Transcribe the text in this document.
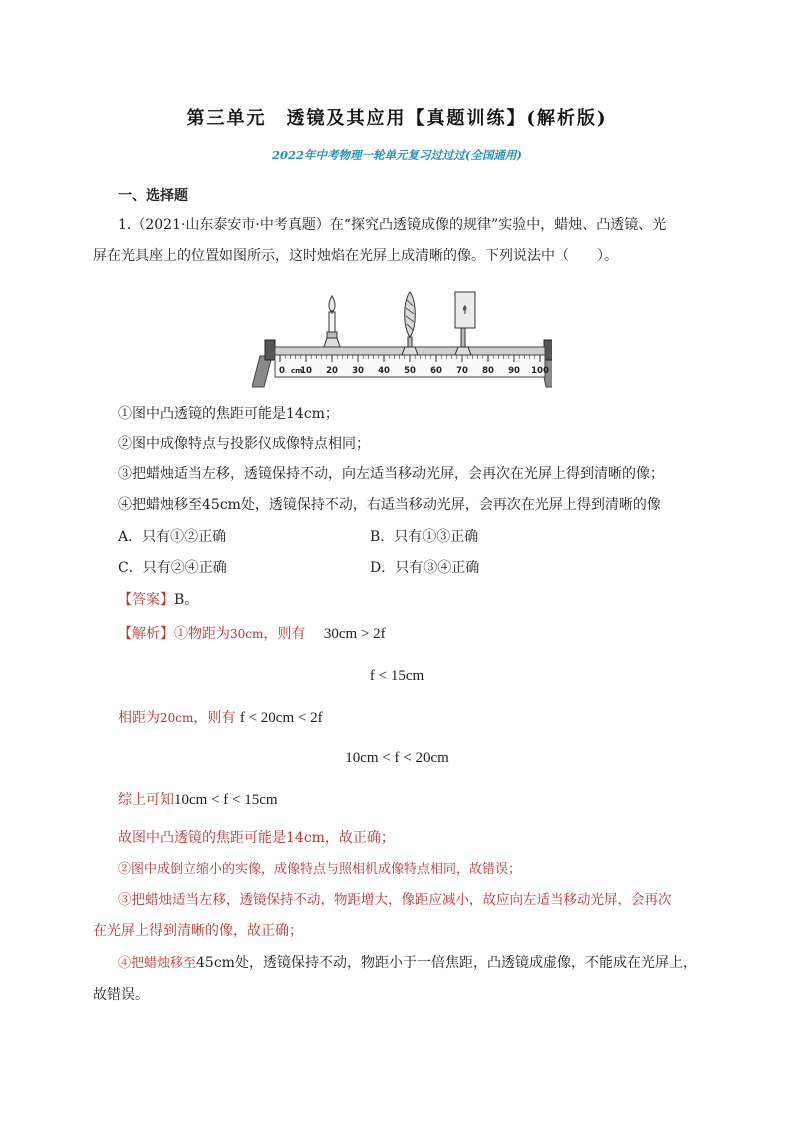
第三单元　透镜及其应用【真题训练】(解析版)
2022年中考物理一轮单元复习过过过(全国通用)
一、选择题
1.（2021·山东泰安市·中考真题）在“探究凸透镜成像的规律”实验中，蜡烛、凸透镜、光
屏在光具座上的位置如图所示，这时烛焰在光屏上成清晰的像。下列说法中（　　）。
0 cm
10 20 30 40 50 60 70 80 90 100
①图中凸透镜的焦距可能是14cm；
②图中成像特点与投影仪成像特点相同；
③把蜡烛适当左移，透镜保持不动，向左适当移动光屏，会再次在光屏上得到清晰的像；
④把蜡烛移至45cm处，透镜保持不动，右适当移动光屏，会再次在光屏上得到清晰的像
A．只有①②正确	B．只有①③正确
C．只有②④正确	D．只有③④正确
【答案】B。
【解析】①物距为30cm，则有 30cm > 2f
f < 15cm
相距为20cm，则有 f < 20cm < 2f
10cm < f < 20cm
综上可知10cm < f < 15cm
故图中凸透镜的焦距可能是14cm，故正确；
②图中成倒立缩小的实像，成像特点与照相机成像特点相同，故错误；
③把蜡烛适当左移，透镜保持不动，物距增大，像距应减小，故应向左适当移动光屏，会再次
在光屏上得到清晰的像，故正确；
④把蜡烛移至45cm处，透镜保持不动，物距小于一倍焦距，凸透镜成虚像，不能成在光屏上，
故错误。
